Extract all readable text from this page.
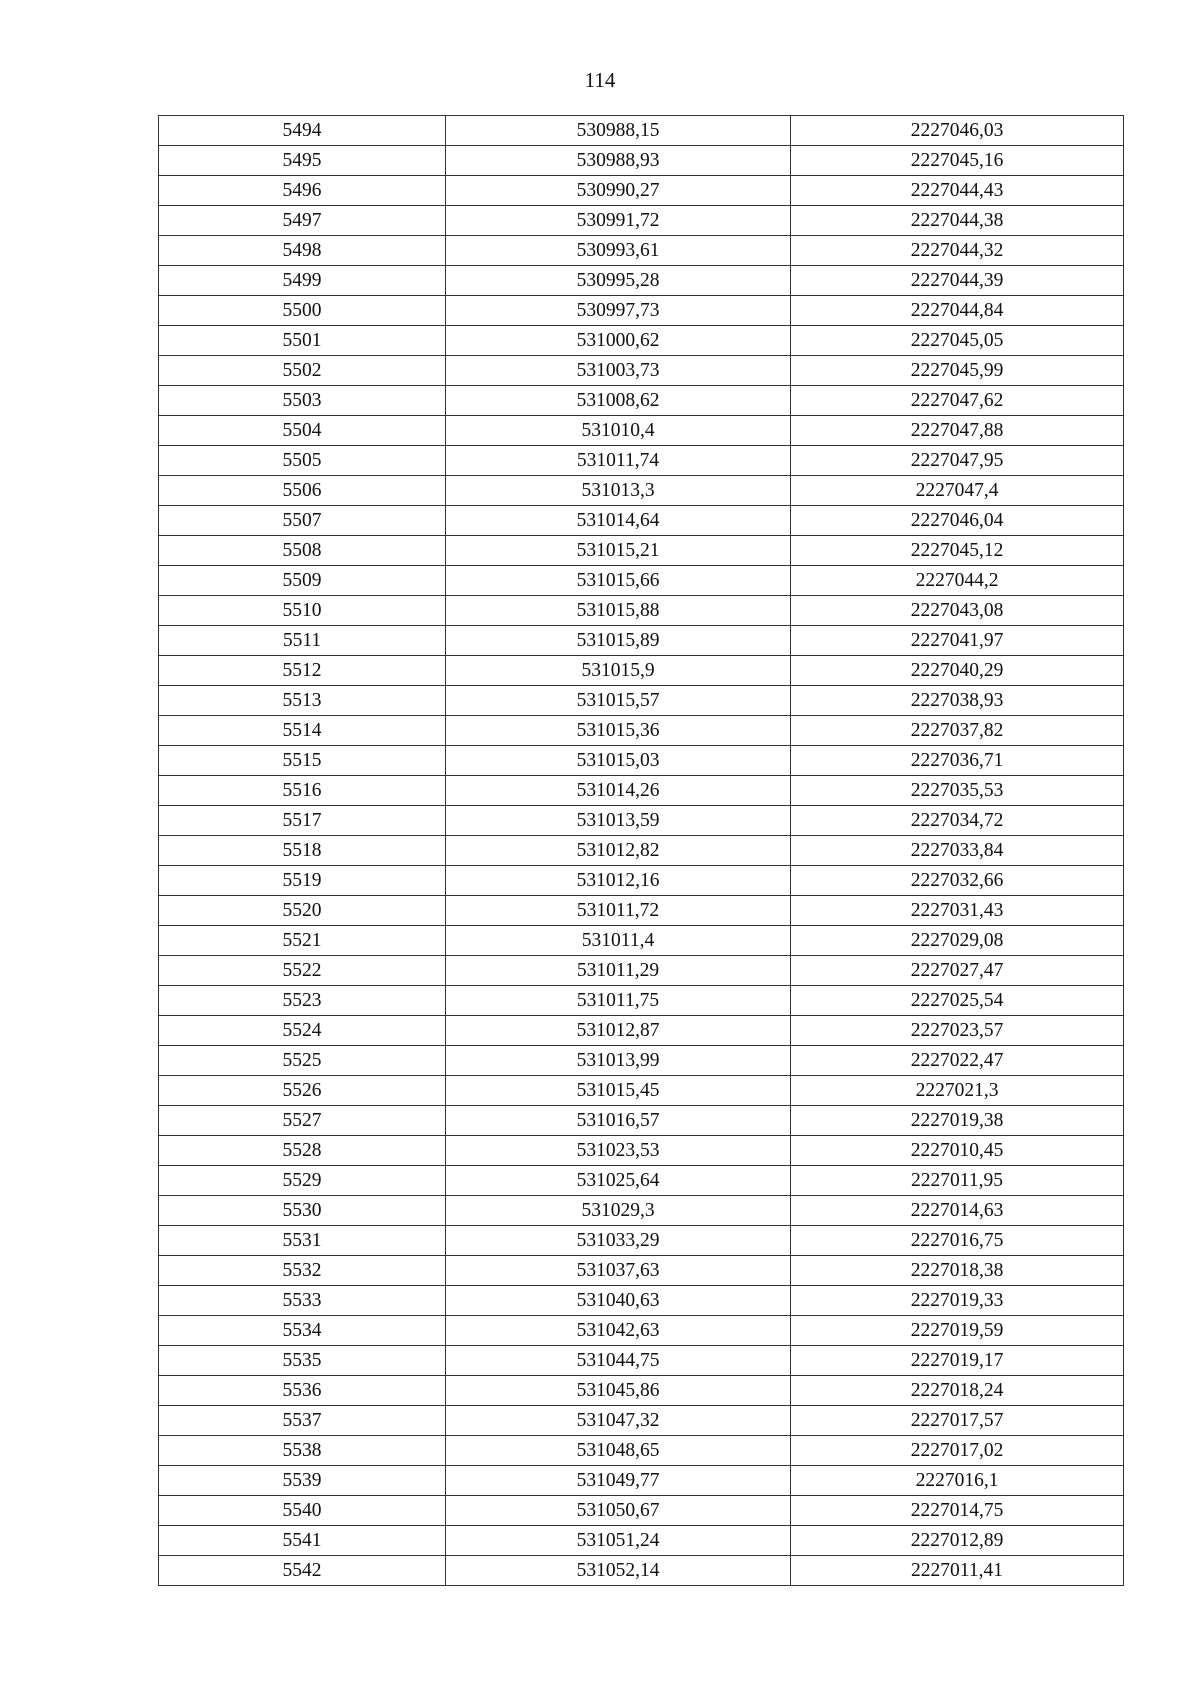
114
5494	530988,15	2227046,03
5495	530988,93	2227045,16
5496	530990,27	2227044,43
5497	530991,72	2227044,38
5498	530993,61	2227044,32
5499	530995,28	2227044,39
5500	530997,73	2227044,84
5501	531000,62	2227045,05
5502	531003,73	2227045,99
5503	531008,62	2227047,62
5504	531010,4	2227047,88
5505	531011,74	2227047,95
5506	531013,3	2227047,4
5507	531014,64	2227046,04
5508	531015,21	2227045,12
5509	531015,66	2227044,2
5510	531015,88	2227043,08
5511	531015,89	2227041,97
5512	531015,9	2227040,29
5513	531015,57	2227038,93
5514	531015,36	2227037,82
5515	531015,03	2227036,71
5516	531014,26	2227035,53
5517	531013,59	2227034,72
5518	531012,82	2227033,84
5519	531012,16	2227032,66
5520	531011,72	2227031,43
5521	531011,4	2227029,08
5522	531011,29	2227027,47
5523	531011,75	2227025,54
5524	531012,87	2227023,57
5525	531013,99	2227022,47
5526	531015,45	2227021,3
5527	531016,57	2227019,38
5528	531023,53	2227010,45
5529	531025,64	2227011,95
5530	531029,3	2227014,63
5531	531033,29	2227016,75
5532	531037,63	2227018,38
5533	531040,63	2227019,33
5534	531042,63	2227019,59
5535	531044,75	2227019,17
5536	531045,86	2227018,24
5537	531047,32	2227017,57
5538	531048,65	2227017,02
5539	531049,77	2227016,1
5540	531050,67	2227014,75
5541	531051,24	2227012,89
5542	531052,14	2227011,41
